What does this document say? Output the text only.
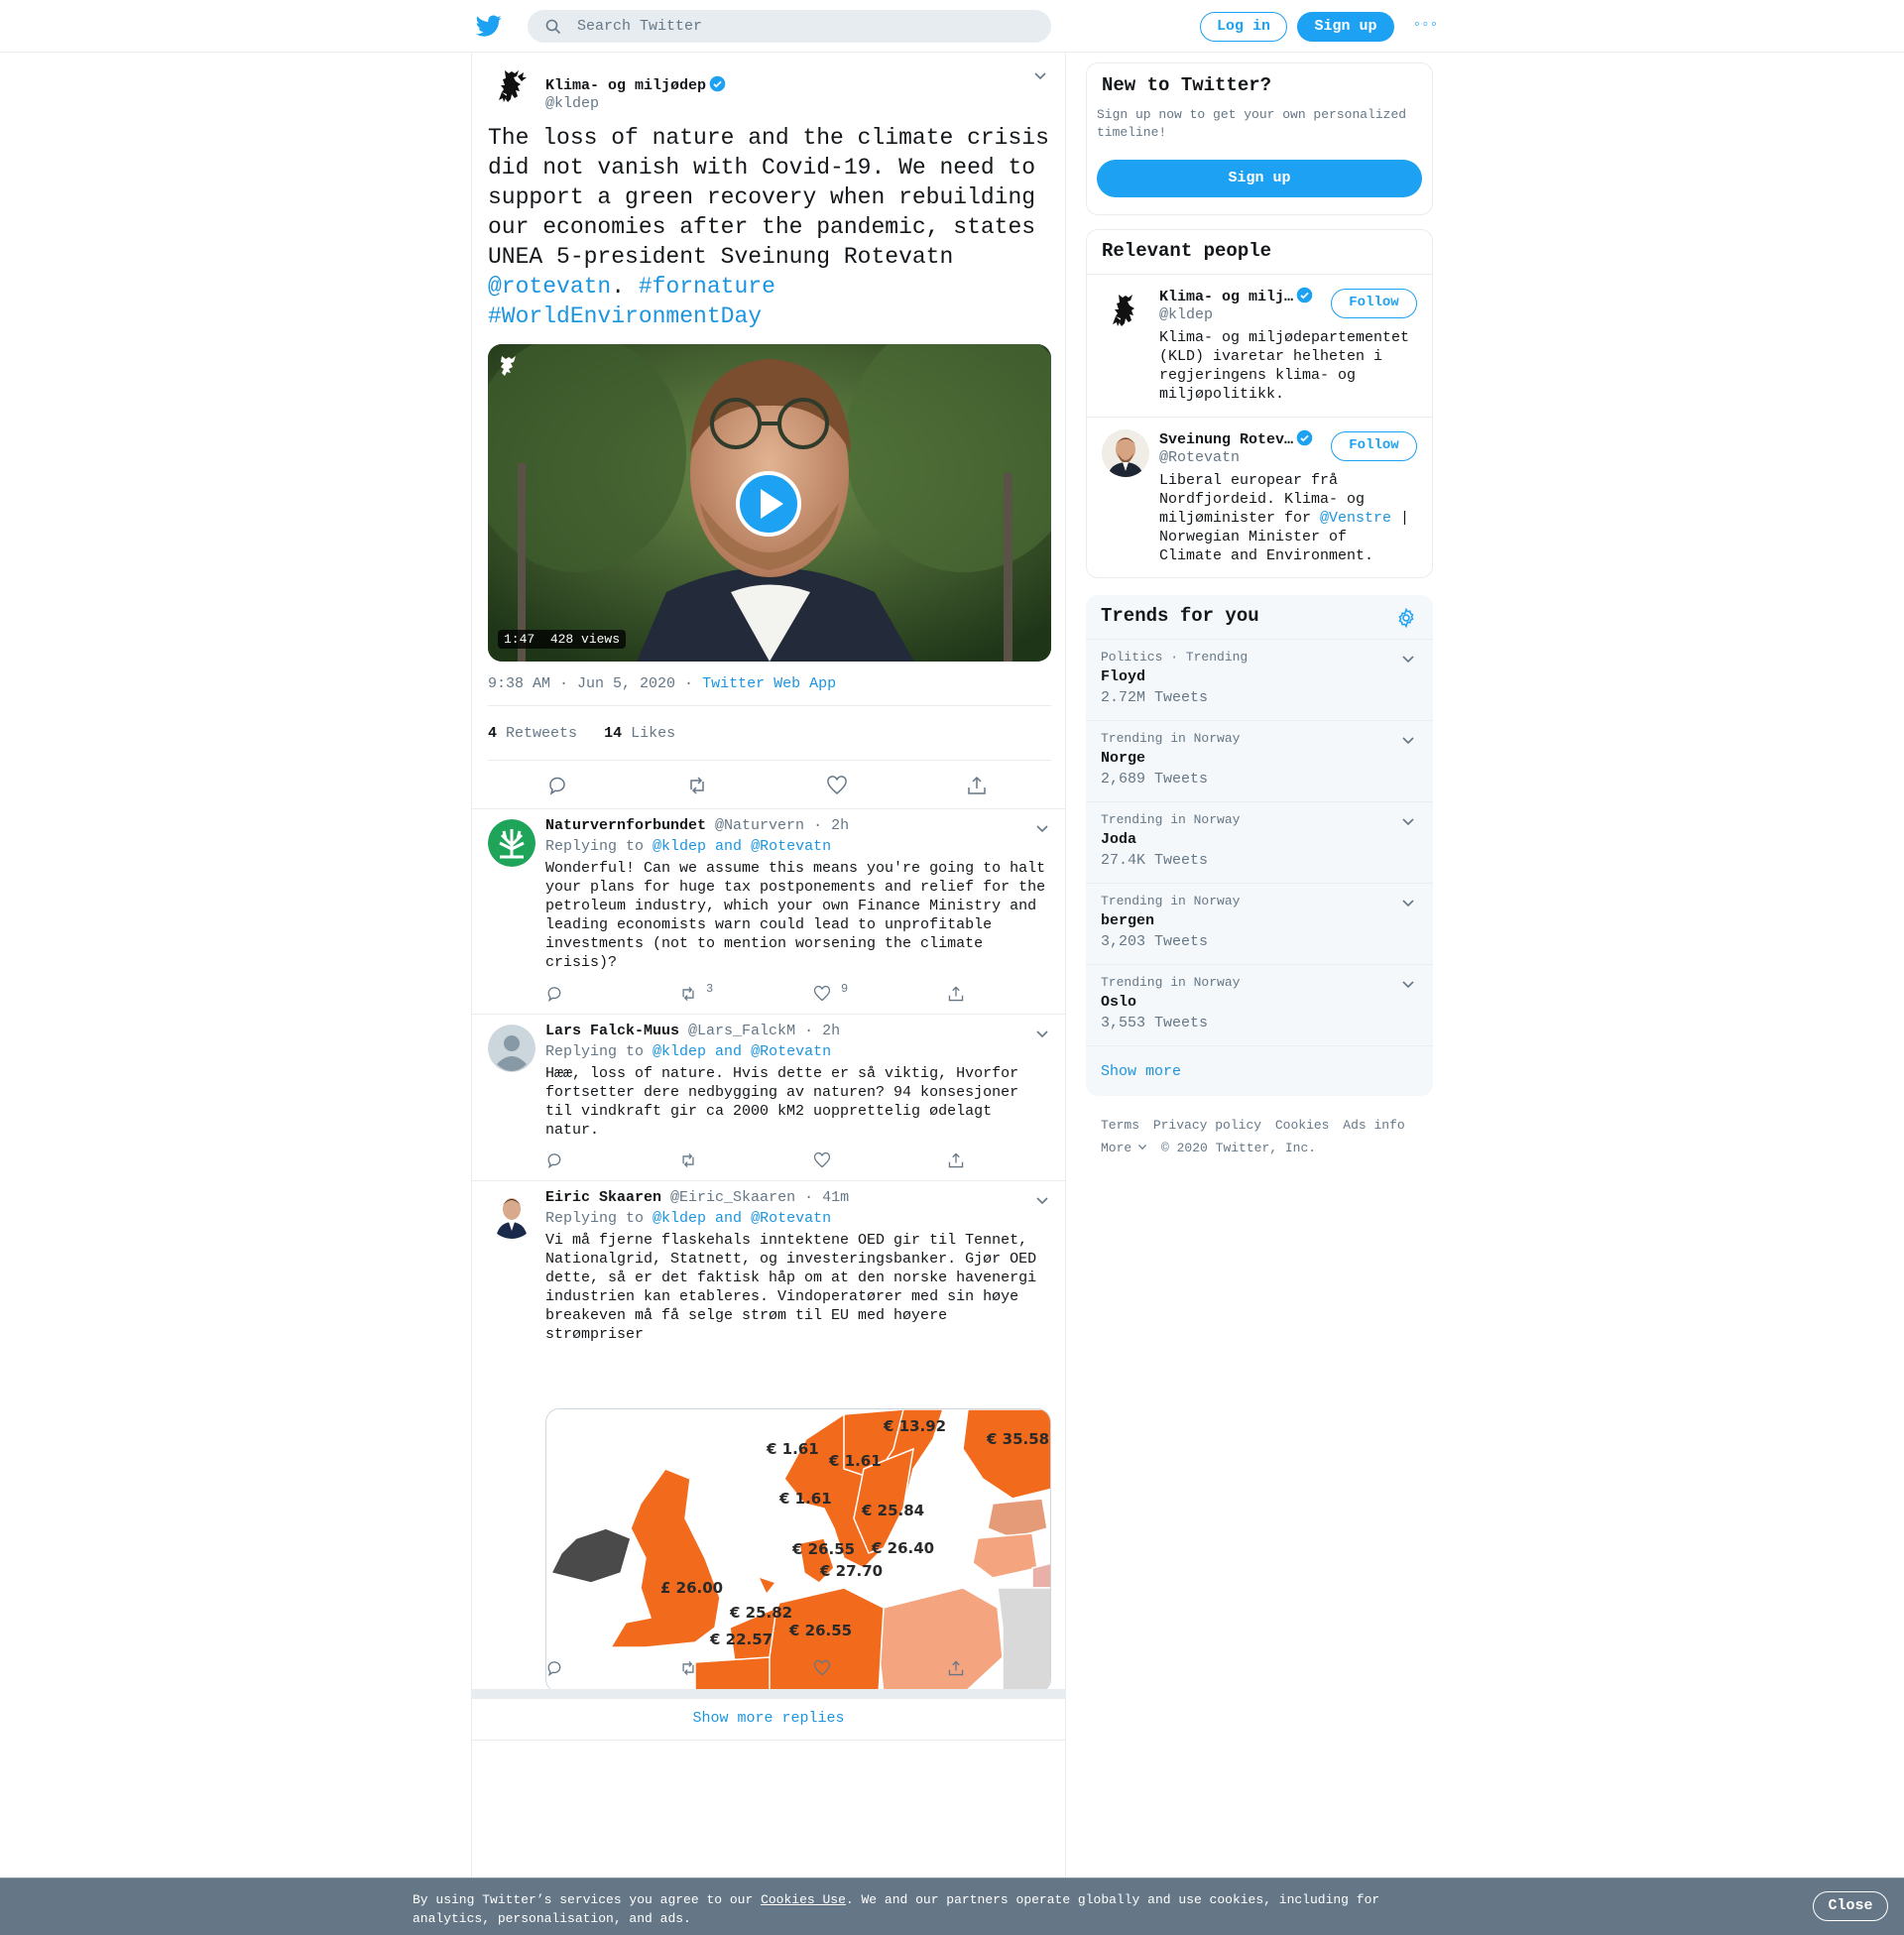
Search Twitter	Log in	Sign up	◦◦◦
Klima- og miljødep
@kldep
The loss of nature and the climate crisis did not vanish with Covid-19. We need to support a green recovery when rebuilding our economies after the pandemic, states UNEA 5-president Sveinung Rotevatn @rotevatn. #fornature
#WorldEnvironmentDay
1:47 428 views
9:38 AM · Jun 5, 2020 · Twitter Web App
4 Retweets 14 Likes
Naturvernforbundet @Naturvern · 2h
Replying to @kldep and @Rotevatn
Wonderful! Can we assume this means you're going to halt your plans for huge tax postponements and relief for the petroleum industry, which your own Finance Ministry and leading economists warn could lead to unprofitable investments (not to mention worsening the climate crisis)?
3	9
Lars Falck-Muus @Lars_FalckM · 2h
Replying to @kldep and @Rotevatn
Hææ, loss of nature. Hvis dette er så viktig, Hvorfor fortsetter dere nedbygging av naturen? 94 konsesjoner til vindkraft gir ca 2000 kM2 uopprettelig ødelagt natur.
Eiric Skaaren @Eiric_Skaaren · 41m
Replying to @kldep and @Rotevatn
Vi må fjerne flaskehals inntektene OED gir til Tennet, Nationalgrid, Statnett, og investeringsbanker. Gjør OED dette, så er det faktisk håp om at den norske havenergi industrien kan etableres. Vindoperatører med sin høye breakeven må få selge strøm til EU med høyere strømpriser
€ 13.92
€ 35.58
€ 1.61
€ 1.61
€ 1.61
€ 25.84
€ 26.55 € 26.40
€ 27.70
£ 26.00
€ 25.82
€ 26.55
€ 22.57
Show more replies
New to Twitter?

Sign up now to get your own personalized timeline!

Sign up
Relevant people
Klima- og milj…
@kldep
Klima- og miljødepartementet (KLD) ivaretar helheten i regjeringens klima- og miljøpolitikk.
Follow
Sveinung Rotev…
@Rotevatn
Liberal europear frå Nordfjordeid. Klima- og miljøminister for @Venstre | Norwegian Minister of Climate and Environment.
Follow
Trends for you
Politics · Trending
Floyd
2.72M Tweets
Trending in Norway
Norge
2,689 Tweets
Trending in Norway
Joda
27.4K Tweets
Trending in Norway
bergen
3,203 Tweets
Trending in Norway
Oslo
3,553 Tweets
Show more
Terms Privacy policy Cookies Ads info
More © 2020 Twitter, Inc.
By using Twitter’s services you agree to our Cookies Use. We and our partners operate globally and use cookies, including for analytics, personalisation, and ads.
Close
